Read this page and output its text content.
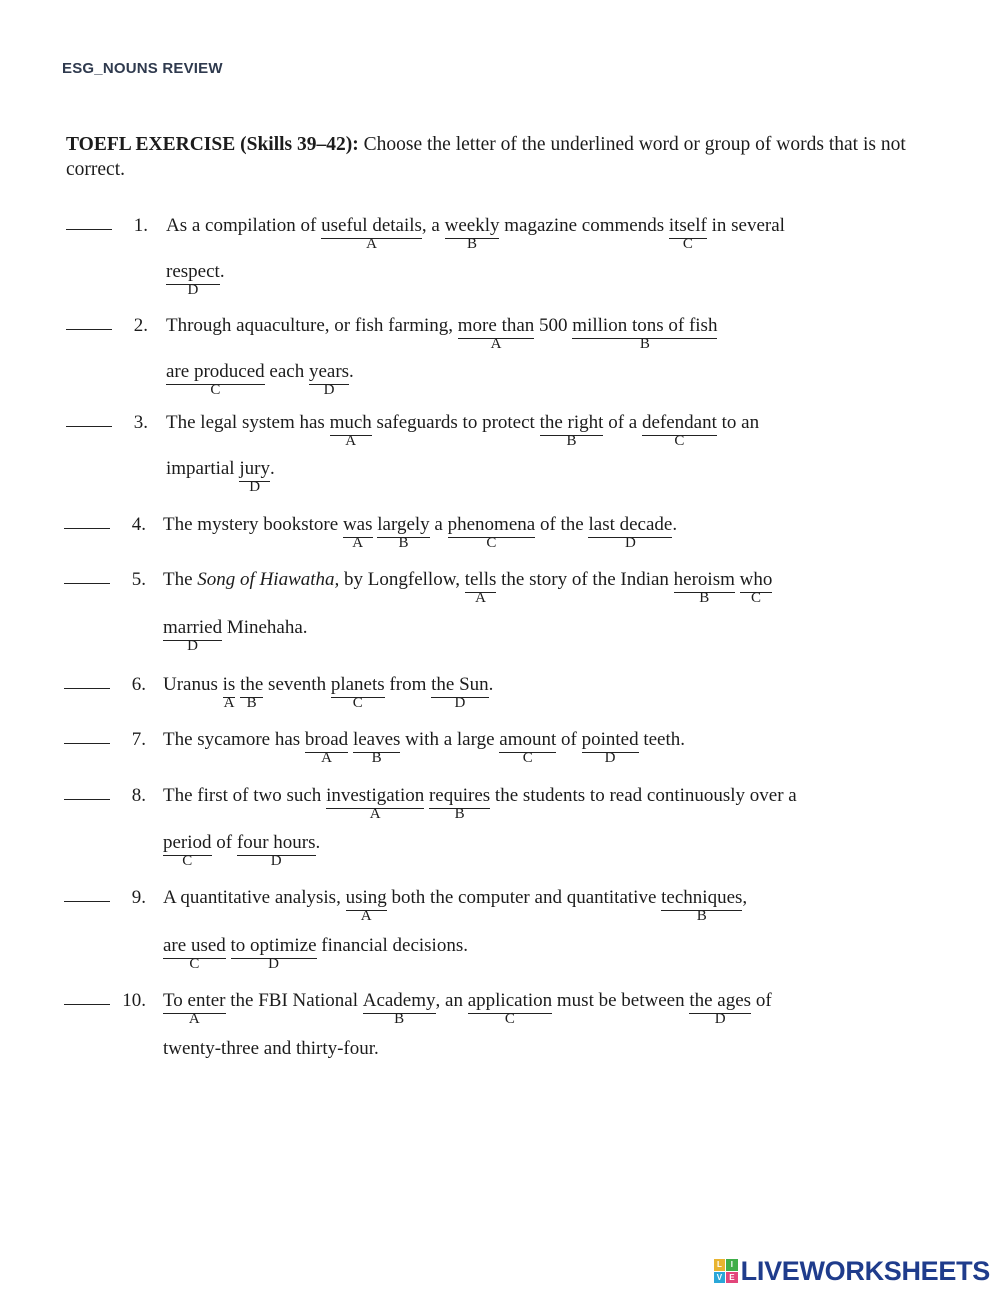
ESG_NOUNS REVIEW
TOEFL EXERCISE (Skills 39–42): Choose the letter of the underlined word or group of words that is not correct.
1. As a compilation of useful details
A
, a weekly
B
magazine commends itself
C
in several
respect
D
.
2. Through aquaculture, or fish farming, more than
A
500 million tons of fish
B
are produced
C
each years
D
.
3. The legal system has much
A
safeguards to protect the right
B
of a defendant
C
to an
impartial jury
D
.
4. The mystery bookstore was
A
largely
B
a phenomena
C
of the last decade
D
.
5. The Song of Hiawatha, by Longfellow, tells
A
the story of the Indian heroism
B
who
C
married
D
Minehaha.
6. Uranus is
A
the
B
seventh planets
C
from the Sun
D
.
7. The sycamore has broad
A
leaves
B
with a large amount
C
of pointed
D
teeth.
8. The first of two such investigation
A
requires
B
the students to read continuously over a
period
C
of four hours
D
.
9. A quantitative analysis, using
A
both the computer and quantitative techniques
B
,
are used
C
to optimize
D
financial decisions.
10. To enter
A
the FBI National Academy
B
, an application
C
must be between the ages
D
of
twenty-three and thirty-four.
L	I
V E LIVEWORKSHEETS
